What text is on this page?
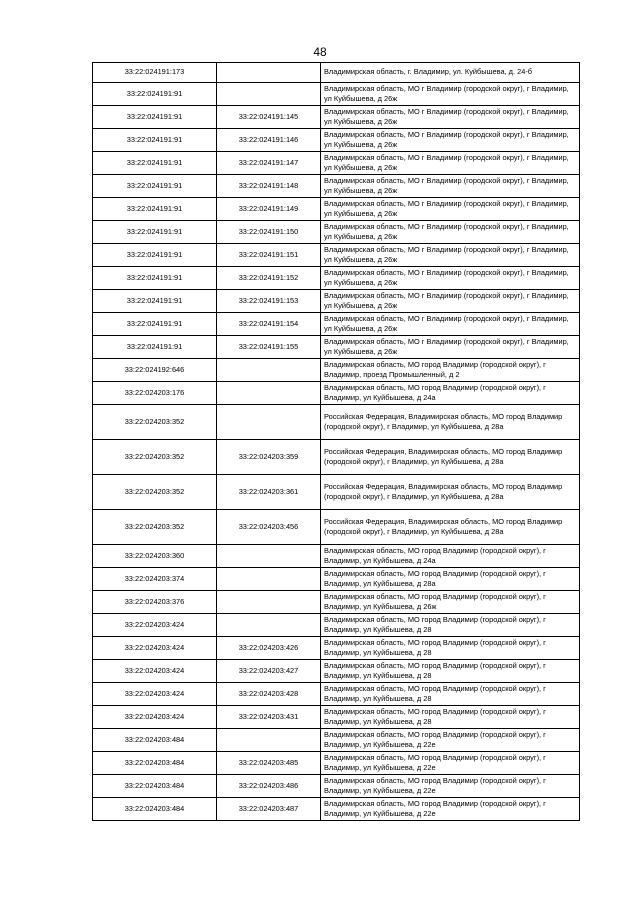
48
33:22:024191:173		Владимирская область, г. Владимир, ул. Куйбышева, д. 24-б
33:22:024191:91		Владимирская область, МО г Владимир (городской округ), г Владимир, ул Куйбышева, д 26ж
33:22:024191:91	33:22:024191:145	Владимирская область, МО г Владимир (городской округ), г Владимир, ул Куйбышева, д 26ж
33:22:024191:91	33:22:024191:146	Владимирская область, МО г Владимир (городской округ), г Владимир, ул Куйбышева, д 26ж
33:22:024191:91	33:22:024191:147	Владимирская область, МО г Владимир (городской округ), г Владимир, ул Куйбышева, д 26ж
33:22:024191:91	33:22:024191:148	Владимирская область, МО г Владимир (городской округ), г Владимир, ул Куйбышева, д 26ж
33:22:024191:91	33:22:024191:149	Владимирская область, МО г Владимир (городской округ), г Владимир, ул Куйбышева, д 26ж
33:22:024191:91	33:22:024191:150	Владимирская область, МО г Владимир (городской округ), г Владимир, ул Куйбышева, д 26ж
33:22:024191:91	33:22:024191:151	Владимирская область, МО г Владимир (городской округ), г Владимир, ул Куйбышева, д 26ж
33:22:024191:91	33:22:024191:152	Владимирская область, МО г Владимир (городской округ), г Владимир, ул Куйбышева, д 26ж
33:22:024191:91	33:22:024191:153	Владимирская область, МО г Владимир (городской округ), г Владимир, ул Куйбышева, д 26ж
33:22:024191:91	33:22:024191:154	Владимирская область, МО г Владимир (городской округ), г Владимир, ул Куйбышева, д 26ж
33:22:024191:91	33:22:024191:155	Владимирская область, МО г Владимир (городской округ), г Владимир, ул Куйбышева, д 26ж
33:22:024192:646		Владимирская область, МО город Владимир (городской округ), г Владимир, проезд Промышленный, д 2
33:22:024203:176		Владимирская область, МО город Владимир (городской округ), г Владимир, ул Куйбышева, д 24а
33:22:024203:352		Российская Федерация, Владимирская область, МО город Владимир (городской округ), г Владимир, ул Куйбышева, д 28а
33:22:024203:352	33:22:024203:359	Российская Федерация, Владимирская область, МО город Владимир (городской округ), г Владимир, ул Куйбышева, д 28а
33:22:024203:352	33:22:024203:361	Российская Федерация, Владимирская область, МО город Владимир (городской округ), г Владимир, ул Куйбышева, д 28а
33:22:024203:352	33:22:024203:456	Российская Федерация, Владимирская область, МО город Владимир (городской округ), г Владимир, ул Куйбышева, д 28а
33:22:024203:360		Владимирская область, МО город Владимир (городской округ), г Владимир, ул Куйбышева, д 24а
33:22:024203:374		Владимирская область, МО город Владимир (городской округ), г Владимир, ул Куйбышева, д 28а
33:22:024203:376		Владимирская область, МО город Владимир (городской округ), г Владимир, ул Куйбышева, д 26ж
33:22:024203:424		Владимирская область, МО город Владимир (городской округ), г Владимир, ул Куйбышева, д 28
33:22:024203:424	33:22:024203:426	Владимирская область, МО город Владимир (городской округ), г Владимир, ул Куйбышева, д 28
33:22:024203:424	33:22:024203:427	Владимирская область, МО город Владимир (городской округ), г Владимир, ул Куйбышева, д 28
33:22:024203:424	33:22:024203:428	Владимирская область, МО город Владимир (городской округ), г Владимир, ул Куйбышева, д 28
33:22:024203:424	33:22:024203:431	Владимирская область, МО город Владимир (городской округ), г Владимир, ул Куйбышева, д 28
33:22:024203:484		Владимирская область, МО город Владимир (городской округ), г Владимир, ул Куйбышева, д 22е
33:22:024203:484	33:22:024203:485	Владимирская область, МО город Владимир (городской округ), г Владимир, ул Куйбышева, д 22е
33:22:024203:484	33:22:024203:486	Владимирская область, МО город Владимир (городской округ), г Владимир, ул Куйбышева, д 22е
33:22:024203:484	33:22:024203:487	Владимирская область, МО город Владимир (городской округ), г Владимир, ул Куйбышева, д 22е
